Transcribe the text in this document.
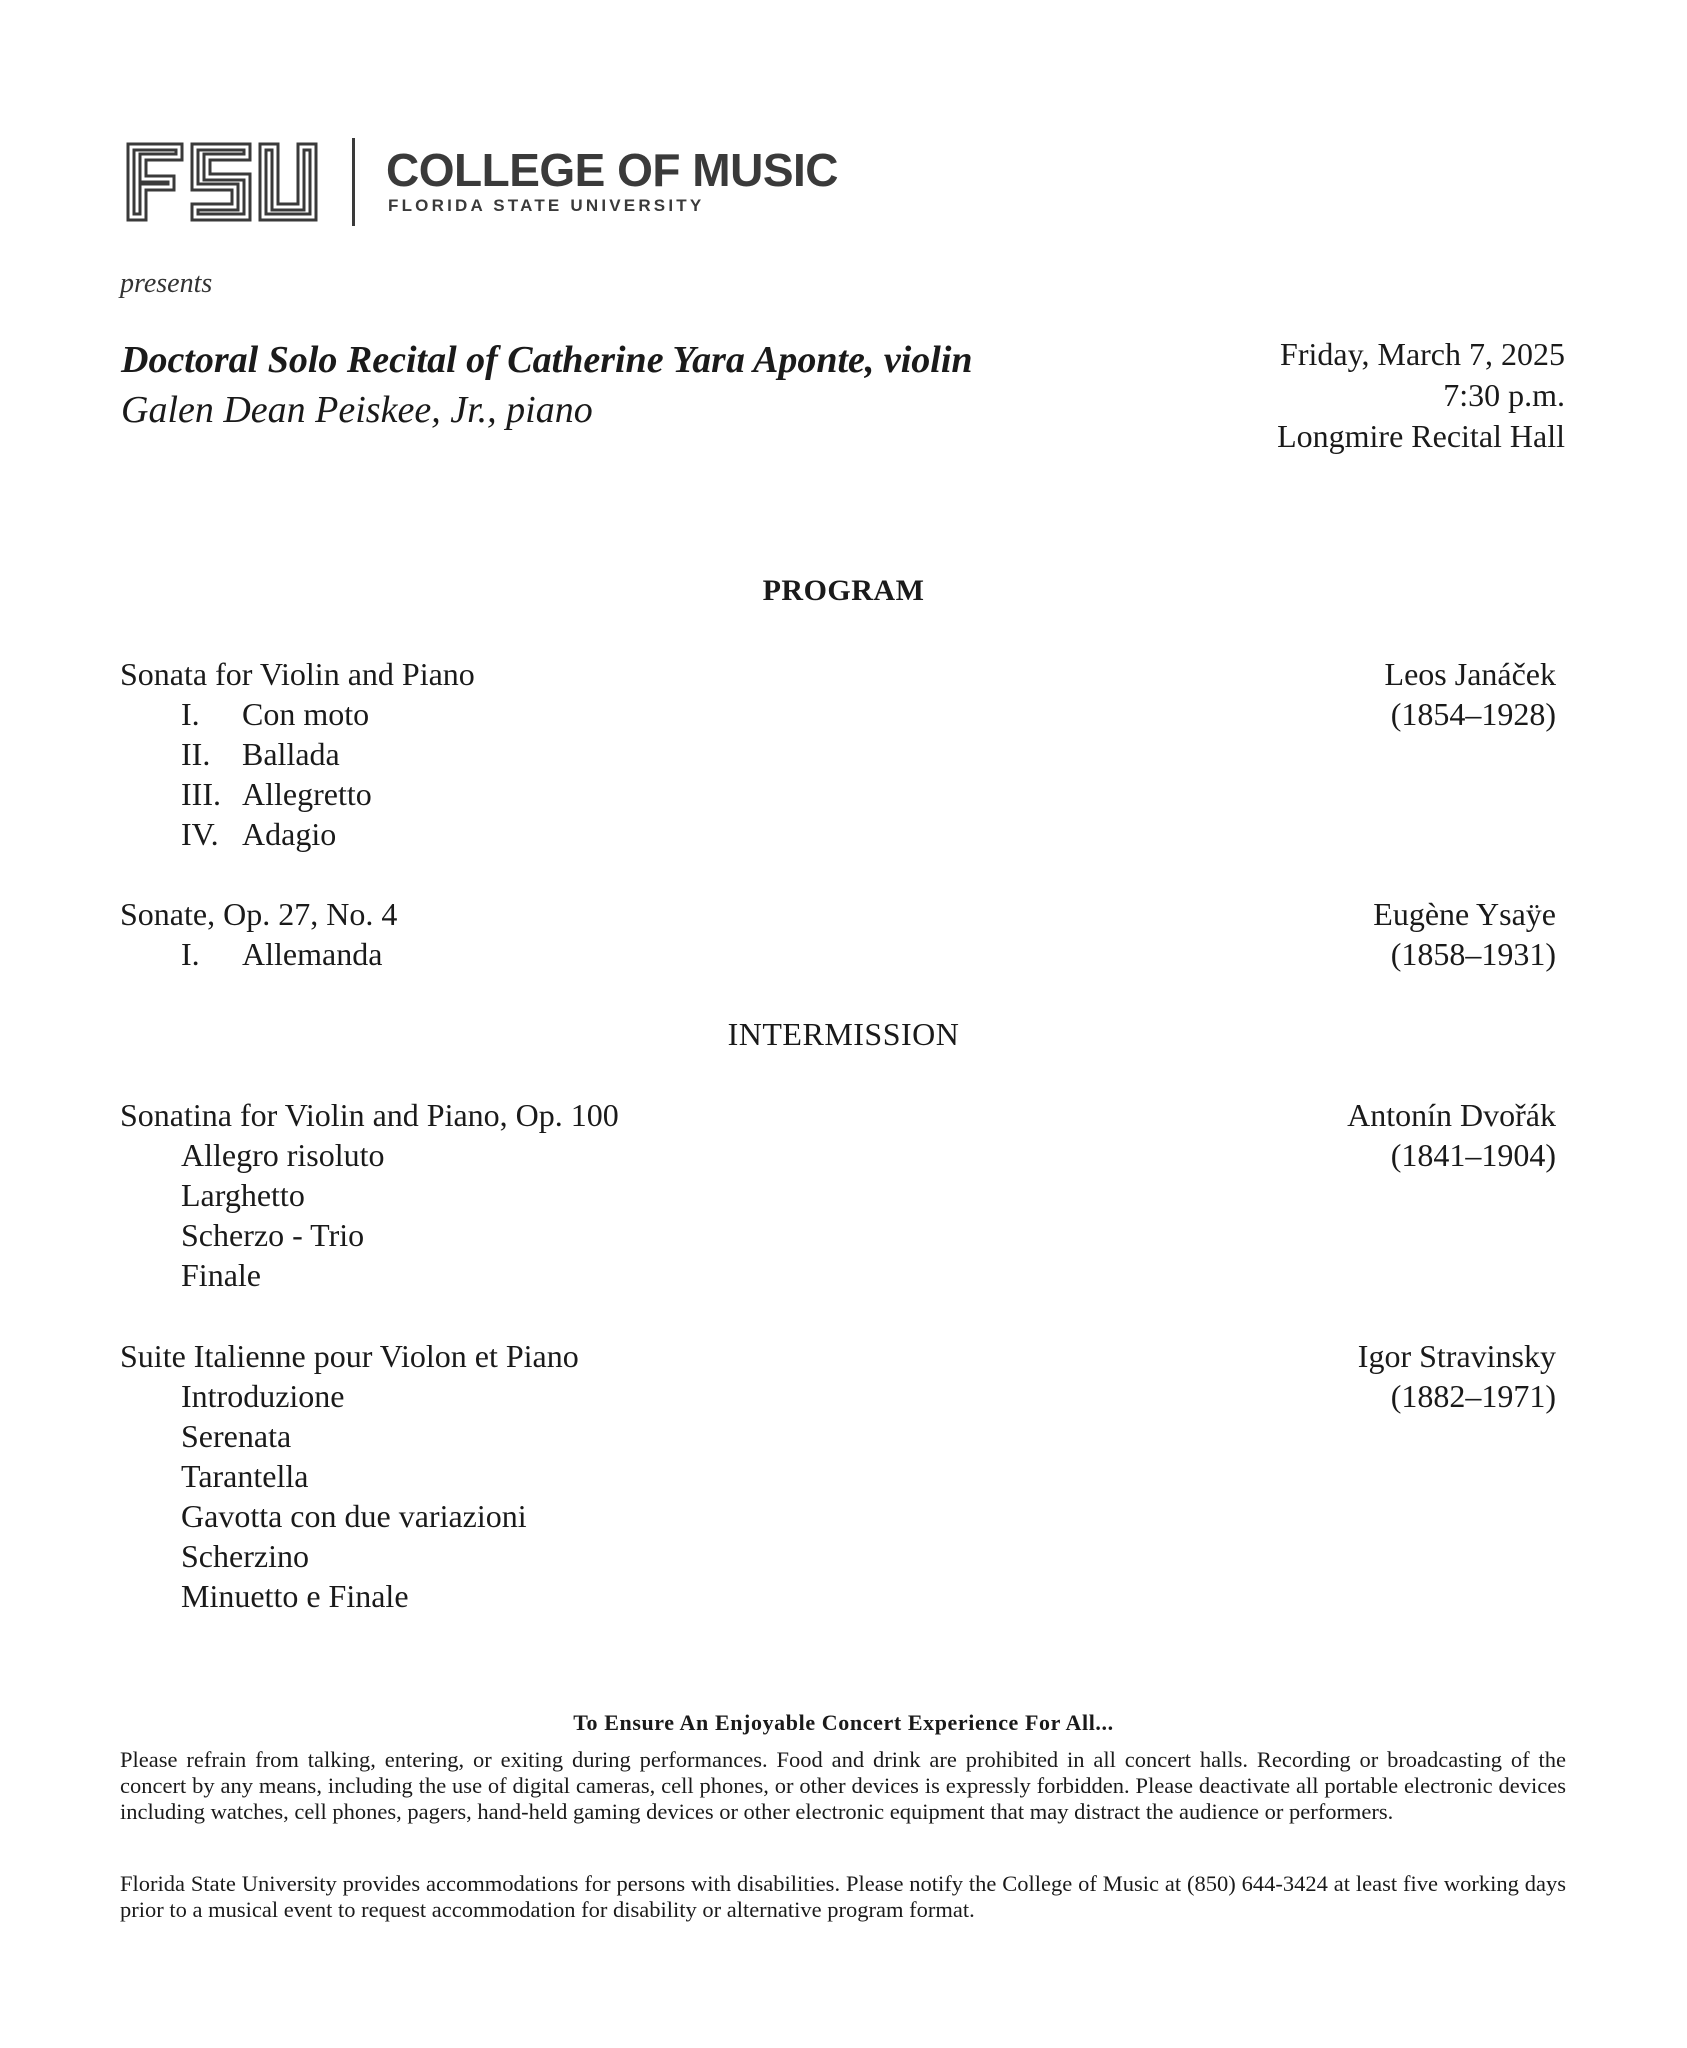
COLLEGE OF MUSIC
FLORIDA STATE UNIVERSITY
presents
Doctoral Solo Recital of Catherine Yara Aponte, violin
Galen Dean Peiskee, Jr., piano
Friday, March 7, 2025
7:30 p.m.
Longmire Recital Hall
PROGRAM
Sonata for Violin and Piano	Leos Janáček
(1854–1928)
I. Con moto
II. Ballada
III. Allegretto
IV. Adagio
Sonate, Op. 27, No. 4	Eugène Ysaÿe
(1858–1931)
I. Allemanda
INTERMISSION
Sonatina for Violin and Piano, Op. 100	Antonín Dvořák
(1841–1904)
Allegro risoluto
Larghetto
Scherzo - Trio
Finale
Suite Italienne pour Violon et Piano	Igor Stravinsky
(1882–1971)
Introduzione
Serenata
Tarantella
Gavotta con due variazioni
Scherzino
Minuetto e Finale
To Ensure An Enjoyable Concert Experience For All...
Please refrain from talking, entering, or exiting during performances. Food and drink are prohibited in all concert halls. Recording or broadcasting of the concert by any means, including the use of digital cameras, cell phones, or other devices is expressly forbidden. Please deactivate all portable electronic devices including watches, cell phones, pagers, hand-held gaming devices or other electronic equipment that may distract the audience or performers.
Florida State University provides accommodations for persons with disabilities. Please notify the College of Music at (850) 644-3424 at least five working days prior to a musical event to request accommodation for disability or alternative program format.
